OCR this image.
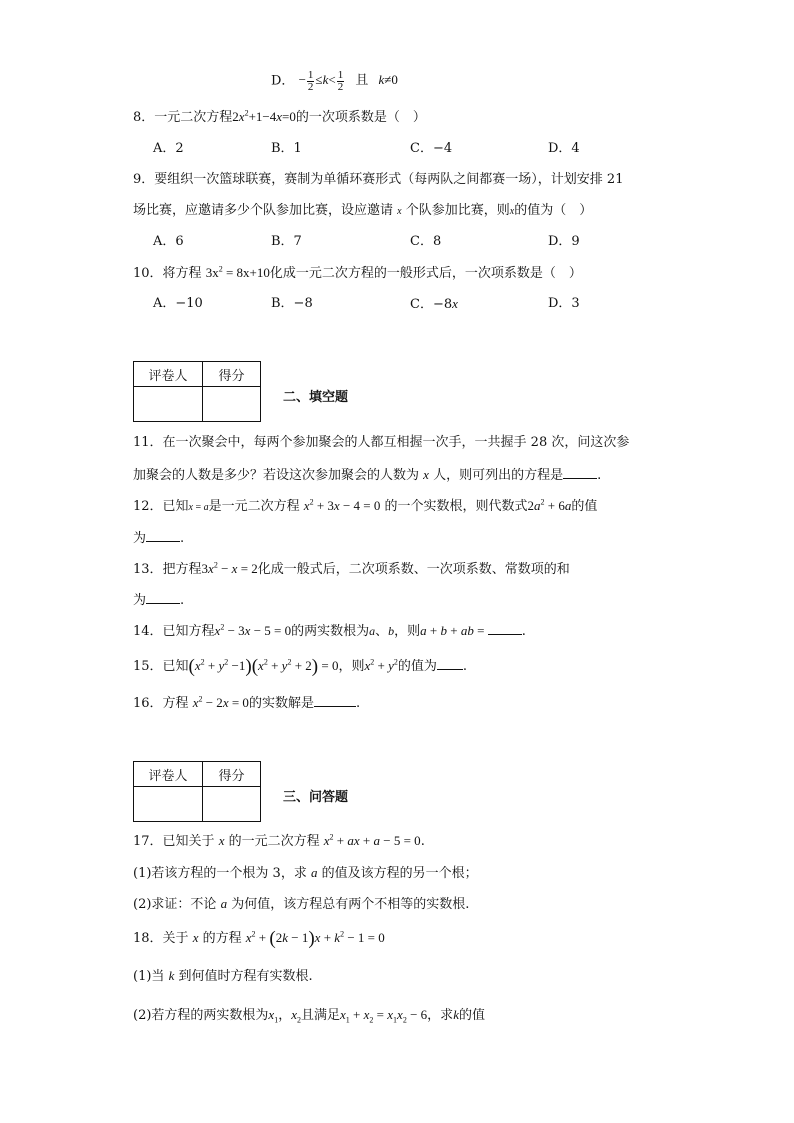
D． − $\frac{1}{2} \le k< \frac{1}{2}$ 且 k≠0
8．一元二次方程$2x^2+1-4x=0$的一次项系数是（　）
A．2	B．1	C．−4	D．4
9．要组织一次篮球联赛，赛制为单循环赛形式（每两队之间都赛一场），计划安排 21
场比赛，应邀请多少个队参加比赛，设应邀请 x 个队参加比赛，则x的值为（　）
A．6	B．7	C．8	D．9
10．将方程 $3x^2 = 8x+10$化成一元二次方程的一般形式后，一次项系数是（　）
A．−10	B．−8	C．−8x	D．3
评卷人	得分

二、填空题
11．在一次聚会中，每两个参加聚会的人都互相握一次手，一共握手 28 次，问这次参
加聚会的人数是多少？若设这次参加聚会的人数为 x 人，则可列出的方程是	.
12．已知x = a是一元二次方程 $x^2 + 3x - 4 = 0$ 的一个实数根，则代数式$2a^2 + 6a$的值
为	.
13．把方程$3x^2 - x = 2$化成一般式后，二次项系数、一次项系数、常数项的和
为	.
14．已知方程$x^2 - 3x - 5 = 0$的两实数根为a、b，则a + b + ab =	.
15．已知$(x^2 + y^2 -1)(x^2 + y^2 + 2) = 0$，则$x^2 + y^2$的值为 .
16．方程 $x^2 - 2x = 0$的实数解是	.
评卷人	得分

三、问答题
17．已知关于 x 的一元二次方程 $x^2$ + ax + a − 5 = 0.
(1)若该方程的一个根为 3，求 a 的值及该方程的另一个根；
(2)求证：不论 a 为何值，该方程总有两个不相等的实数根.
18．关于 x 的方程 $x^2 + (2k - 1)x + k^2 - 1 = 0$
(1)当 k 到何值时方程有实数根.
(2)若方程的两实数根为$x_1$，$x_2$且满足$x_1 + x_2 = x_1x_2 - 6$，求k的值
